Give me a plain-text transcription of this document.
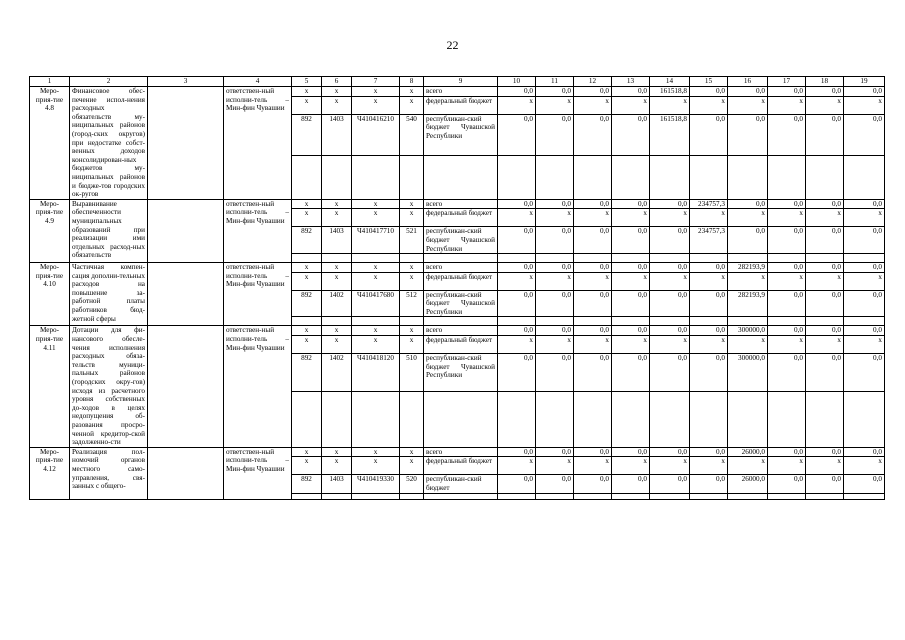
22
1	2	3	4	5	6	7	8	9	10	11	12	13	14	15	16	17	18	19
Меро-прия-тие 4.8	Финансовое обес-печение испол-нения расходных обязательств му-ниципальных районов (город-ских округов) при недостатке собст-венных доходов консолидирован-ных бюджетов му-ниципальных районов и бюдже-тов городских ок-ругов		ответствен-ный исполни-тель – Мин-фин Чувашии	x	x	x	x	всего	0,0	0,0	0,0	0,0	161518,8	0,0	0,0	0,0	0,0	0,0
				x	x	x	x	федеральный бюджет	x	x	x	x	x	x	x	x	x	x
				892	1403	Ч410416210	540	республикан-ский бюджет Чувашской Республики	0,0	0,0	0,0	0,0	161518,8	0,0	0,0	0,0	0,0	0,0

Меро-прия-тие 4.9	Выравнивание обеспеченности муниципальных образований при реализации ими отдельных расход-ных обязательств		ответствен-ный исполни-тель – Мин-фин Чувашии	x	x	x	x	всего	0,0	0,0	0,0	0,0	0,0	234757,3	0,0	0,0	0,0	0,0
				x	x	x	x	федеральный бюджет	x	x	x	x	x	x	x	x	x	x
				892	1403	Ч410417710	521	республикан-ский бюджет Чувашской Республики	0,0	0,0	0,0	0,0	0,0	234757,3	0,0	0,0	0,0	0,0

Меро-прия-тие 4.10	Частичная компен-сация дополни-тельных расходов на повышение за-работной платы работников бюд-жетной сферы		ответствен-ный исполни-тель – Мин-фин Чувашии	x	x	x	x	всего	0,0	0,0	0,0	0,0	0,0	0,0	282193,9	0,0	0,0	0,0
				x	x	x	x	федеральный бюджет	x	x	x	x	x	x	x	x	x	x
				892	1402	Ч410417680	512	республикан-ский бюджет Чувашской Республики	0,0	0,0	0,0	0,0	0,0	0,0	282193,9	0,0	0,0	0,0

Меро-прия-тие 4.11	Дотации для фи-нансового обесле-чения исполнения расходных обяза-тельств муници-пальных районов (городских окру-гов) исходя из расчетного уровня собственных до-ходов в целях недопущения об-разования просро-ченной кредитор-ской задолженно-сти		ответствен-ный исполни-тель – Мин-фин Чувашии	x	x	x	x	всего	0,0	0,0	0,0	0,0	0,0	0,0	300000,0	0,0	0,0	0,0
				x	x	x	x	федеральный бюджет	x	x	x	x	x	x	x	x	x	x
				892	1402	Ч410418120	510	республикан-ский бюджет Чувашской Республики	0,0	0,0	0,0	0,0	0,0	0,0	300000,0	0,0	0,0	0,0

Меро-прия-тие 4.12	Реализация пол-номочий органов местного само-управления, свя-занных с общего-		ответствен-ный исполни-тель – Мин-фин Чувашии	x	x	x	x	всего	0,0	0,0	0,0	0,0	0,0	0,0	26000,0	0,0	0,0	0,0
				x	x	x	x	федеральный бюджет	x	x	x	x	x	x	x	x	x	x
				892	1403	Ч410419330	520	республикан-ский бюджет	0,0	0,0	0,0	0,0	0,0	0,0	26000,0	0,0	0,0	0,0
